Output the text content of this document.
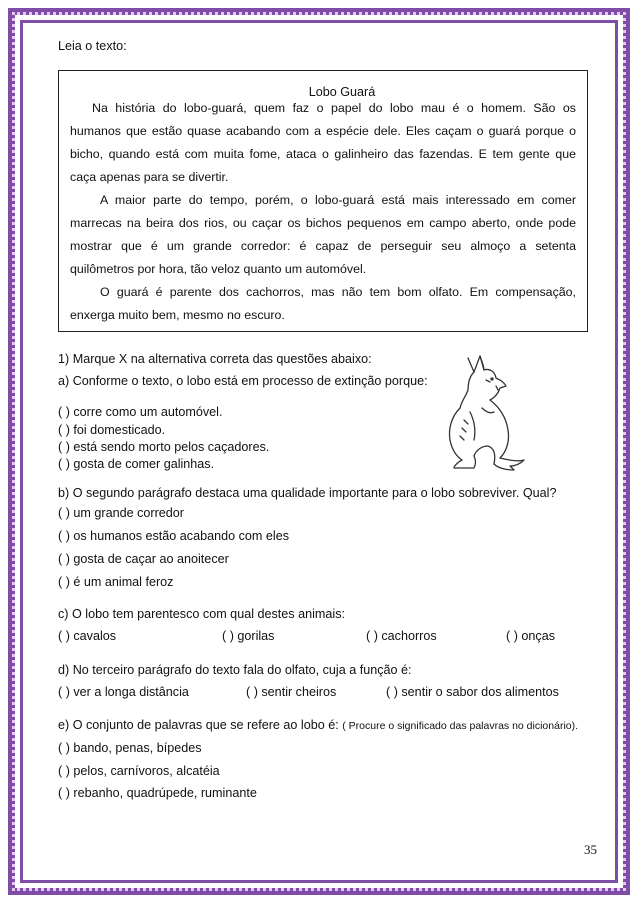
Leia o texto:
Lobo Guará
Na história do lobo-guará, quem faz o papel do lobo mau é o homem. São os
humanos que estão quase acabando com a espécie dele. Eles caçam o guará porque o
bicho, quando está com muita fome, ataca o galinheiro das fazendas. E tem gente que
caça apenas para se divertir.
A maior parte do tempo, porém, o lobo-guará está mais interessado em comer
marrecas na beira dos rios, ou caçar os bichos pequenos em campo aberto, onde pode
mostrar que é um grande corredor: é capaz de perseguir seu almoço a setenta
quilômetros por hora, tão veloz quanto um automóvel.
O guará é parente dos cachorros, mas não tem bom olfato. Em compensação,
enxerga muito bem, mesmo no escuro.
1) Marque X na alternativa correta das questões abaixo:
a) Conforme o texto, o lobo está em processo de extinção porque:
( ) corre como um automóvel.
( ) foi domesticado.
( ) está sendo morto pelos caçadores.
( ) gosta de comer galinhas.
b) O segundo parágrafo destaca uma qualidade importante para o lobo sobreviver. Qual?
( ) um grande corredor
( ) os humanos estão acabando com eles
( ) gosta de caçar ao anoitecer
( ) é um animal feroz
c) O lobo tem parentesco com qual destes animais:
( ) cavalos	( ) gorilas	( ) cachorros	( ) onças
d) No terceiro parágrafo do texto fala do olfato, cuja a função é:
( ) ver a longa distância	( ) sentir cheiros	( ) sentir o sabor dos alimentos
e) O conjunto de palavras que se refere ao lobo é: ( Procure o significado das palavras no dicionário).
( ) bando, penas, bípedes
( ) pelos, carnívoros, alcatéia
( ) rebanho, quadrúpede, ruminante
35
